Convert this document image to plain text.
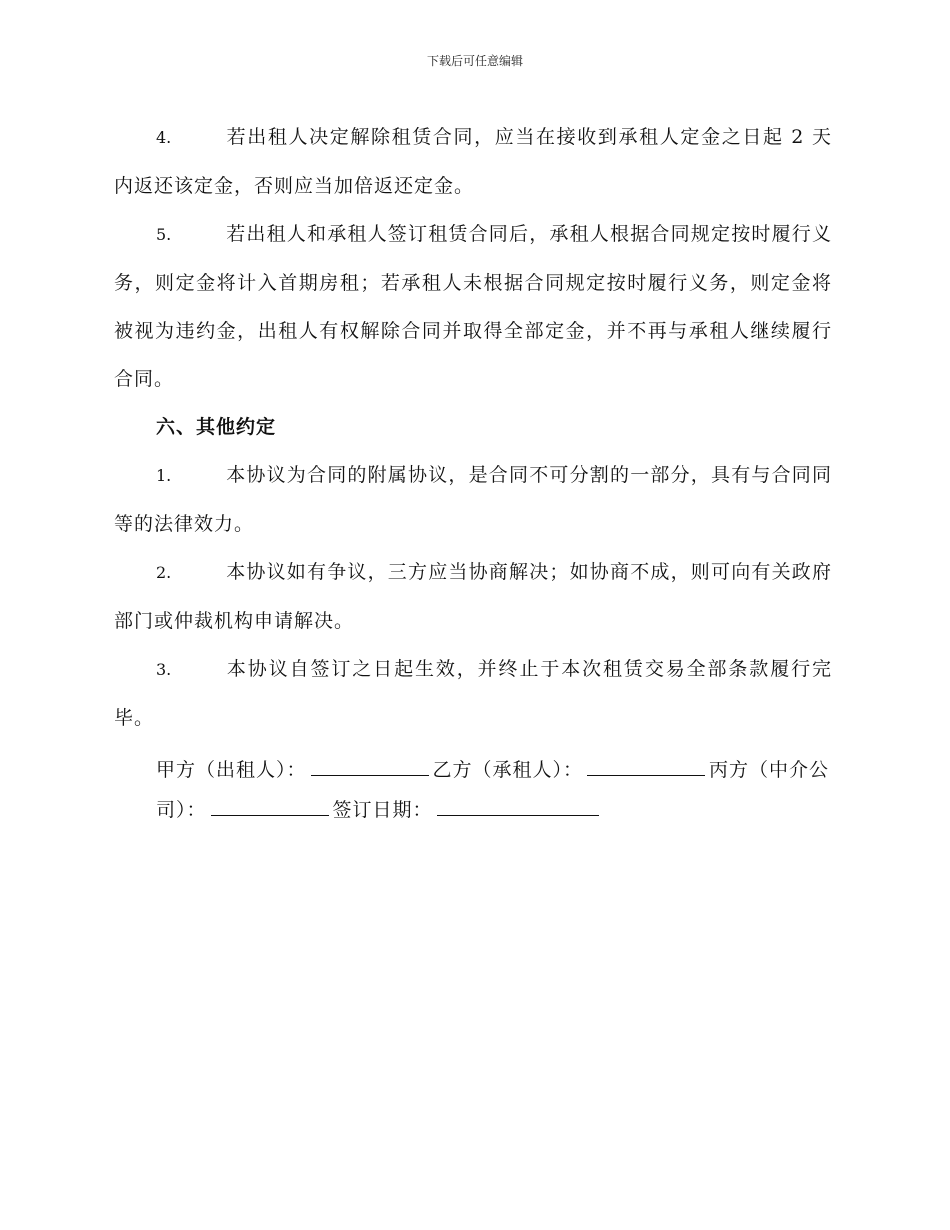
下载后可任意编辑

4.	若出租人决定解除租赁合同，应当在接收到承租人定金之日起 2 天内返还该定金，否则应当加倍返还定金。

5.	若出租人和承租人签订租赁合同后，承租人根据合同规定按时履行义务，则定金将计入首期房租；若承租人未根据合同规定按时履行义务，则定金将被视为违约金，出租人有权解除合同并取得全部定金，并不再与承租人继续履行合同。

六、其他约定

1.	本协议为合同的附属协议，是合同不可分割的一部分，具有与合同同等的法律效力。

2.	本协议如有争议，三方应当协商解决；如协商不成，则可向有关政府部门或仲裁机构申请解决。

3.	本协议自签订之日起生效，并终止于本次租赁交易全部条款履行完毕。

甲方（出租人）：	乙方（承租人）：	丙方（中介公司）：	签订日期：
